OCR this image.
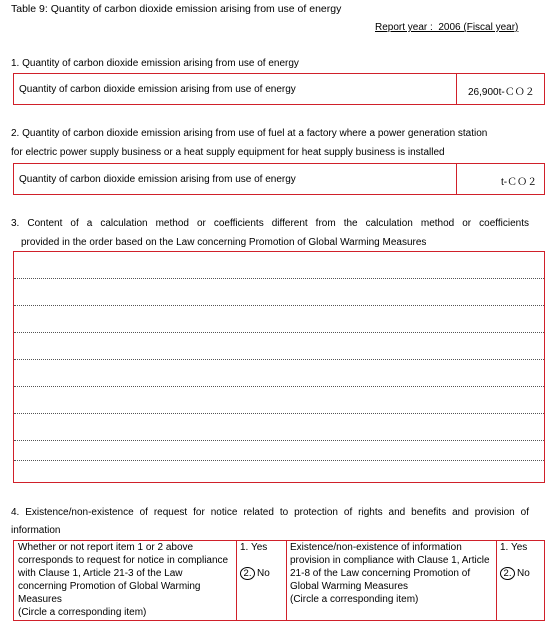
Table 9: Quantity of carbon dioxide emission arising from use of energy
Report year :  2006 (Fiscal year)
1. Quantity of carbon dioxide emission arising from use of energy
Quantity of carbon dioxide emission arising from use of energy	26,900t-ＣＯ２
2. Quantity of carbon dioxide emission arising from use of fuel at a factory where a power generation station
for electric power supply business or a heat supply equipment for heat supply business is installed
Quantity of carbon dioxide emission arising from use of energy	t-ＣＯ２
3. Content of a calculation method or coefficients different from the calculation method or coefficients
provided in the order based on the Law concerning Promotion of Global Warming Measures
4. Existence/non-existence of request for notice related to protection of rights and benefits and provision of
information
Whether or not report item 1 or 2 above corresponds to request for notice in compliance with Clause 1, Article 21-3 of the Law concerning Promotion of Global Warming Measures
(Circle a corresponding item)
1. Yes
2. No
Existence/non-existence of information provision in compliance with Clause 1, Article 21-8 of the Law concerning Promotion of Global Warming Measures
(Circle a corresponding item)
1. Yes
2. No
